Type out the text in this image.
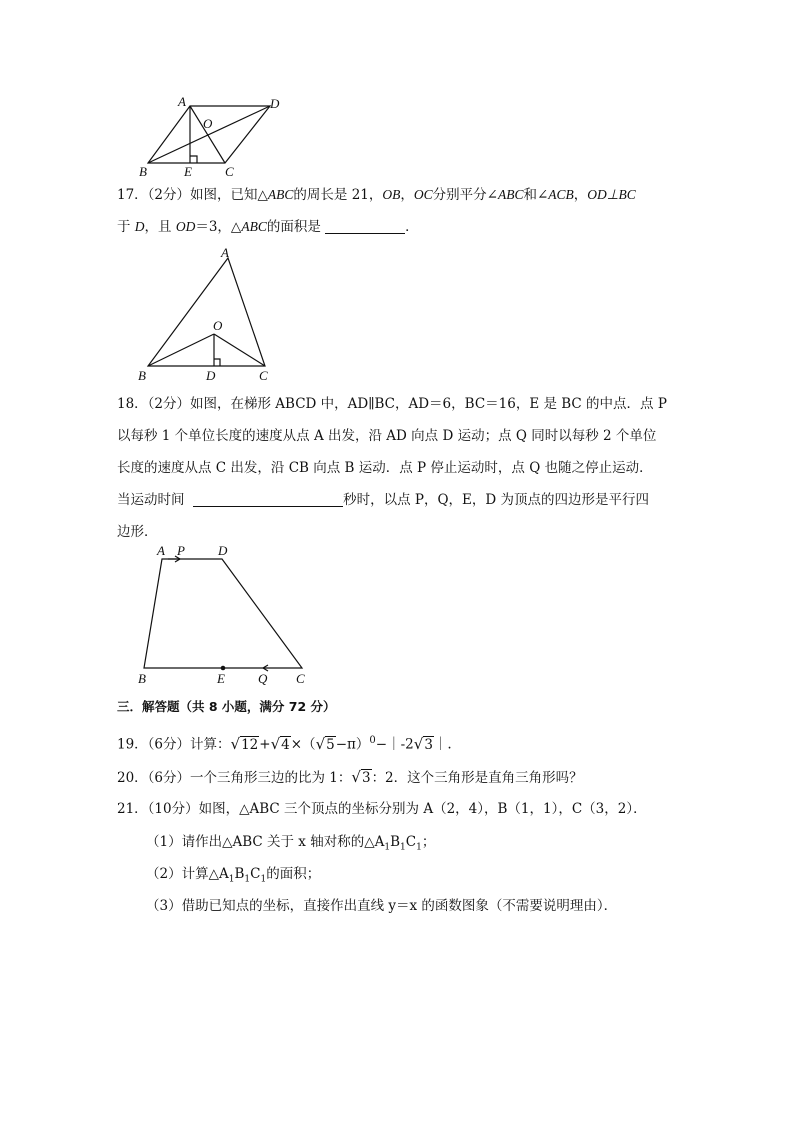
A	D
O
B	E	C
17．（2分）如图，已知△ABC的周长是 21，OB，OC分别平分∠ABC和∠ACB，OD⊥BC
于 D，且 OD＝3，△ABC的面积是	．
A
O
B	D	C
18．（2分）如图，在梯形 ABCD 中，AD∥BC，AD＝6，BC＝16，E 是 BC 的中点．点 P
以每秒 1 个单位长度的速度从点 A 出发，沿 AD 向点 D 运动；点 Q 同时以每秒 2 个单位
长度的速度从点 C 出发，沿 CB 向点 B 运动．点 P 停止运动时，点 Q 也随之停止运动．
当运动时间	秒时，以点 P，Q，E，D 为顶点的四边形是平行四
边形．
A P	D
B	E	Q C
三．解答题（共 8 小题，满分 72 分）
19．（6分）计算：$√12+√4\times(√5-\pi)^0-|-2√3|$.
20．（6分）一个三角形三边的比为 1：√3：2．这个三角形是直角三角形吗？
21．（10分）如图，△ABC 三个顶点的坐标分别为 A（2，4），B（1，1），C（3，2）．
（1）请作出△ABC 关于 x 轴对称的$\triangle A_1B_1C_1$；
（2）计算$\triangle A_1B_1C_1$的面积；
（3）借助已知点的坐标，直接作出直线 y＝x 的函数图象（不需要说明理由）．
